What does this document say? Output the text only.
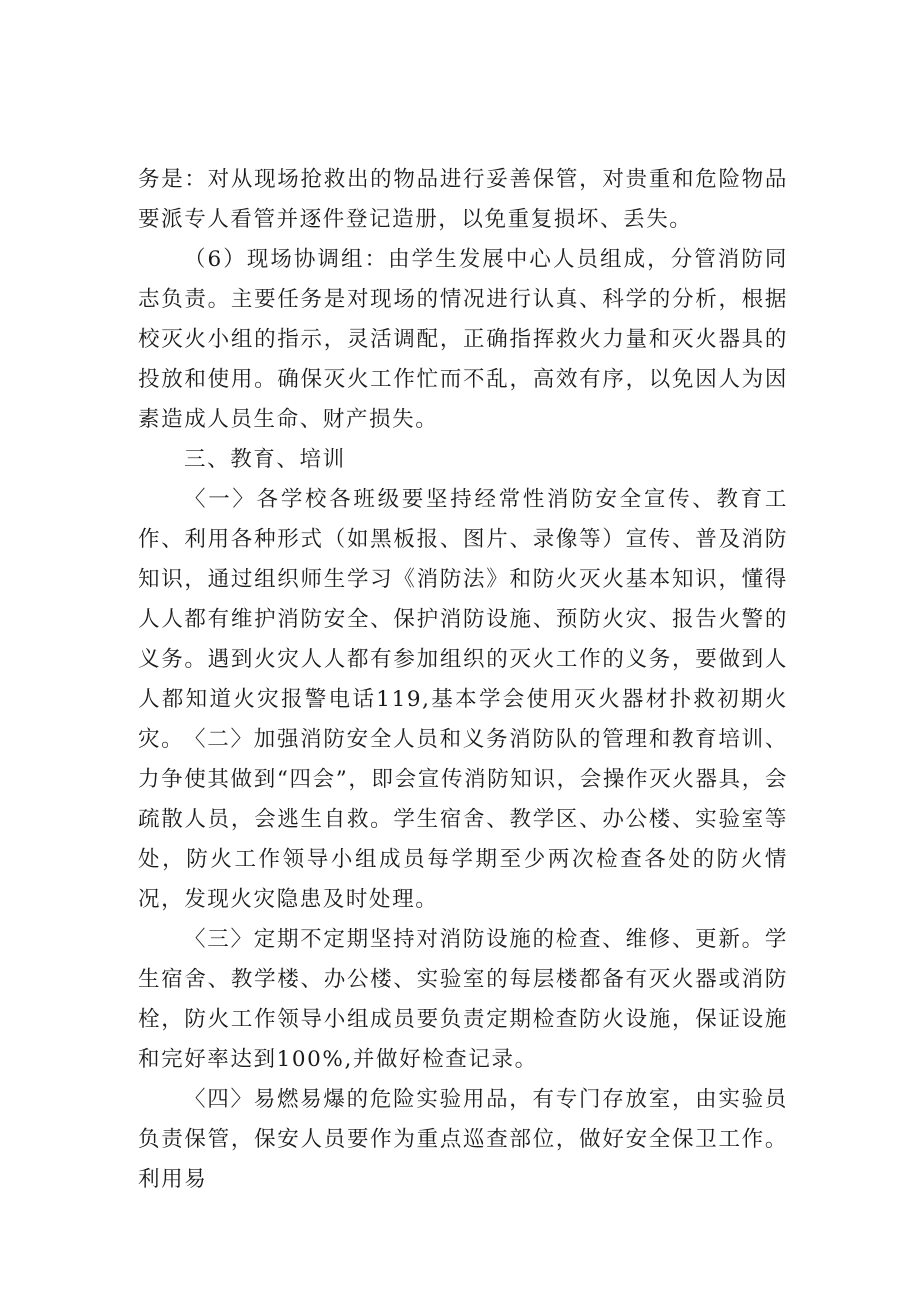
务是：对从现场抢救出的物品进行妥善保管，对贵重和危险物品要派专人看管并逐件登记造册，以免重复损坏、丢失。

（6）现场协调组：由学生发展中心人员组成，分管消防同志负责。主要任务是对现场的情况进行认真、科学的分析，根据校灭火小组的指示，灵活调配，正确指挥救火力量和灭火器具的投放和使用。确保灭火工作忙而不乱，高效有序，以免因人为因素造成人员生命、财产损失。

三、教育、培训

〈一〉各学校各班级要坚持经常性消防安全宣传、教育工作、利用各种形式（如黑板报、图片、录像等）宣传、普及消防知识，通过组织师生学习《消防法》和防火灭火基本知识，懂得人人都有维护消防安全、保护消防设施、预防火灾、报告火警的义务。遇到火灾人人都有参加组织的灭火工作的义务，要做到人人都知道火灾报警电话119,基本学会使用灭火器材扑救初期火灾。 〈二〉加强消防安全人员和义务消防队的管理和教育培训、力争使其做到“四会”，即会宣传消防知识，会操作灭火器具，会疏散人员，会逃生自救。学生宿舍、教学区、办公楼、实验室等处，防火工作领导小组成员每学期至少两次检查各处的防火情况，发现火灾隐患及时处理。

〈三〉定期不定期坚持对消防设施的检查、维修、更新。学生宿舍、教学楼、办公楼、实验室的每层楼都备有灭火器或消防栓，防火工作领导小组成员要负责定期检查防火设施，保证设施和完好率达到100%,并做好检查记录。

〈四〉易燃易爆的危险实验用品，有专门存放室，由实验员负责保管，保安人员要作为重点巡查部位，做好安全保卫工作。利用易
